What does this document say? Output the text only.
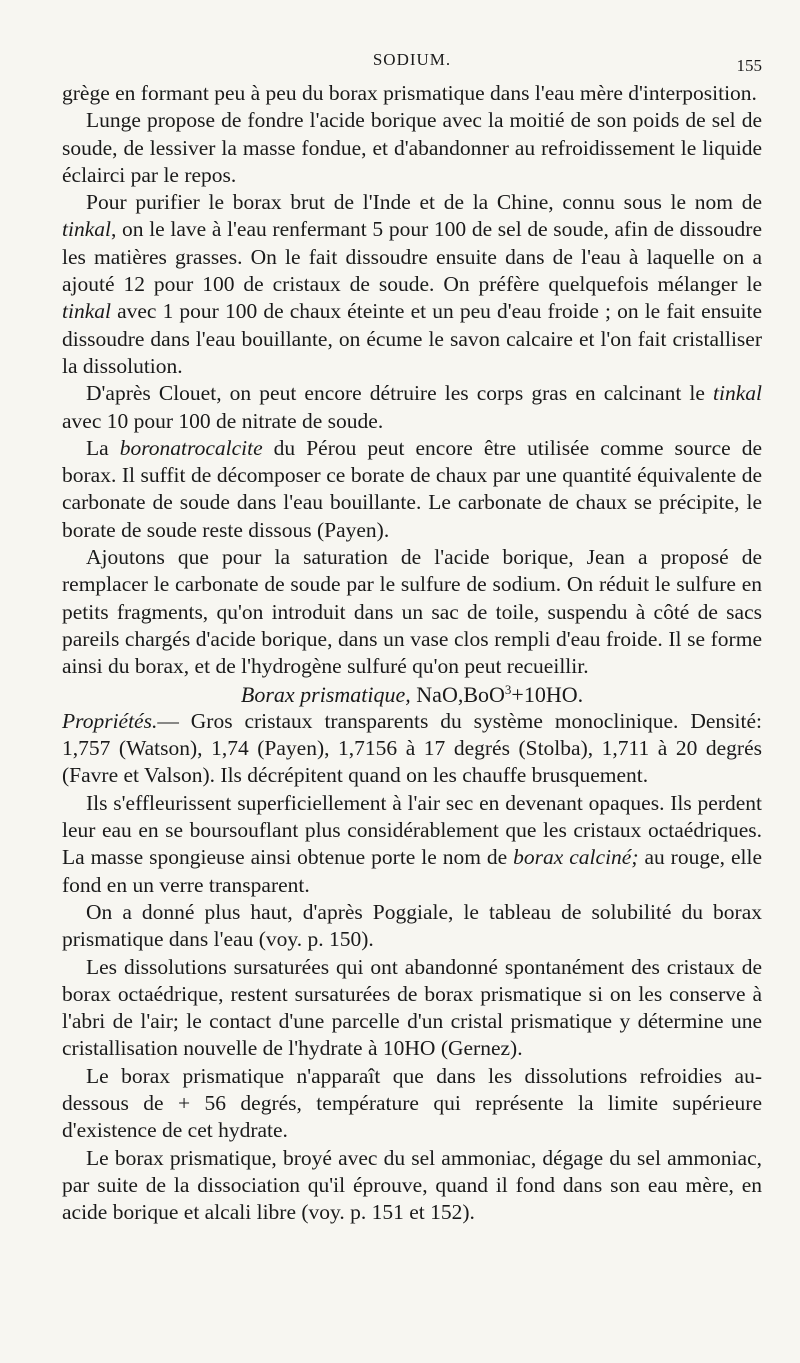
SODIUM.	155

grège en formant peu à peu du borax prismatique dans l'eau mère d'interposition.

Lunge propose de fondre l'acide borique avec la moitié de son poids de sel de soude, de lessiver la masse fondue, et d'abandonner au refroidissement le liquide éclairci par le repos.

Pour purifier le borax brut de l'Inde et de la Chine, connu sous le nom de tinkal, on le lave à l'eau renfermant 5 pour 100 de sel de soude, afin de dissoudre les matières grasses. On le fait dissoudre ensuite dans de l'eau à laquelle on a ajouté 12 pour 100 de cristaux de soude. On préfère quelquefois mélanger le tinkal avec 1 pour 100 de chaux éteinte et un peu d'eau froide ; on le fait ensuite dissoudre dans l'eau bouillante, on écume le savon calcaire et l'on fait cristalliser la dissolution.

D'après Clouet, on peut encore détruire les corps gras en calcinant le tinkal avec 10 pour 100 de nitrate de soude.

La boronatrocalcite du Pérou peut encore être utilisée comme source de borax. Il suffit de décomposer ce borate de chaux par une quantité équivalente de carbonate de soude dans l'eau bouillante. Le carbonate de chaux se précipite, le borate de soude reste dissous (Payen).

Ajoutons que pour la saturation de l'acide borique, Jean a proposé de remplacer le carbonate de soude par le sulfure de sodium. On réduit le sulfure en petits fragments, qu'on introduit dans un sac de toile, suspendu à côté de sacs pareils chargés d'acide borique, dans un vase clos rempli d'eau froide. Il se forme ainsi du borax, et de l'hydrogène sulfuré qu'on peut recueillir.

Borax prismatique, NaO,BoO$^3$+10HO.

Propriétés.— Gros cristaux transparents du système monoclinique. Densité: 1,757 (Watson), 1,74 (Payen), 1,7156 à 17 degrés (Stolba), 1,711 à 20 degrés (Favre et Valson). Ils décrépitent quand on les chauffe brusquement.

Ils s'effleurissent superficiellement à l'air sec en devenant opaques. Ils perdent leur eau en se boursouflant plus considérablement que les cristaux octaédriques. La masse spongieuse ainsi obtenue porte le nom de borax calciné; au rouge, elle fond en un verre transparent.

On a donné plus haut, d'après Poggiale, le tableau de solubilité du borax prismatique dans l'eau (voy. p. 150).

Les dissolutions sursaturées qui ont abandonné spontanément des cristaux de borax octaédrique, restent sursaturées de borax prismatique si on les conserve à l'abri de l'air; le contact d'une parcelle d'un cristal prismatique y détermine une cristallisation nouvelle de l'hydrate à 10HO (Gernez).

Le borax prismatique n'apparaît que dans les dissolutions refroidies au-dessous de + 56 degrés, température qui représente la limite supérieure d'existence de cet hydrate.

Le borax prismatique, broyé avec du sel ammoniac, dégage du sel ammoniac, par suite de la dissociation qu'il éprouve, quand il fond dans son eau mère, en acide borique et alcali libre (voy. p. 151 et 152).
